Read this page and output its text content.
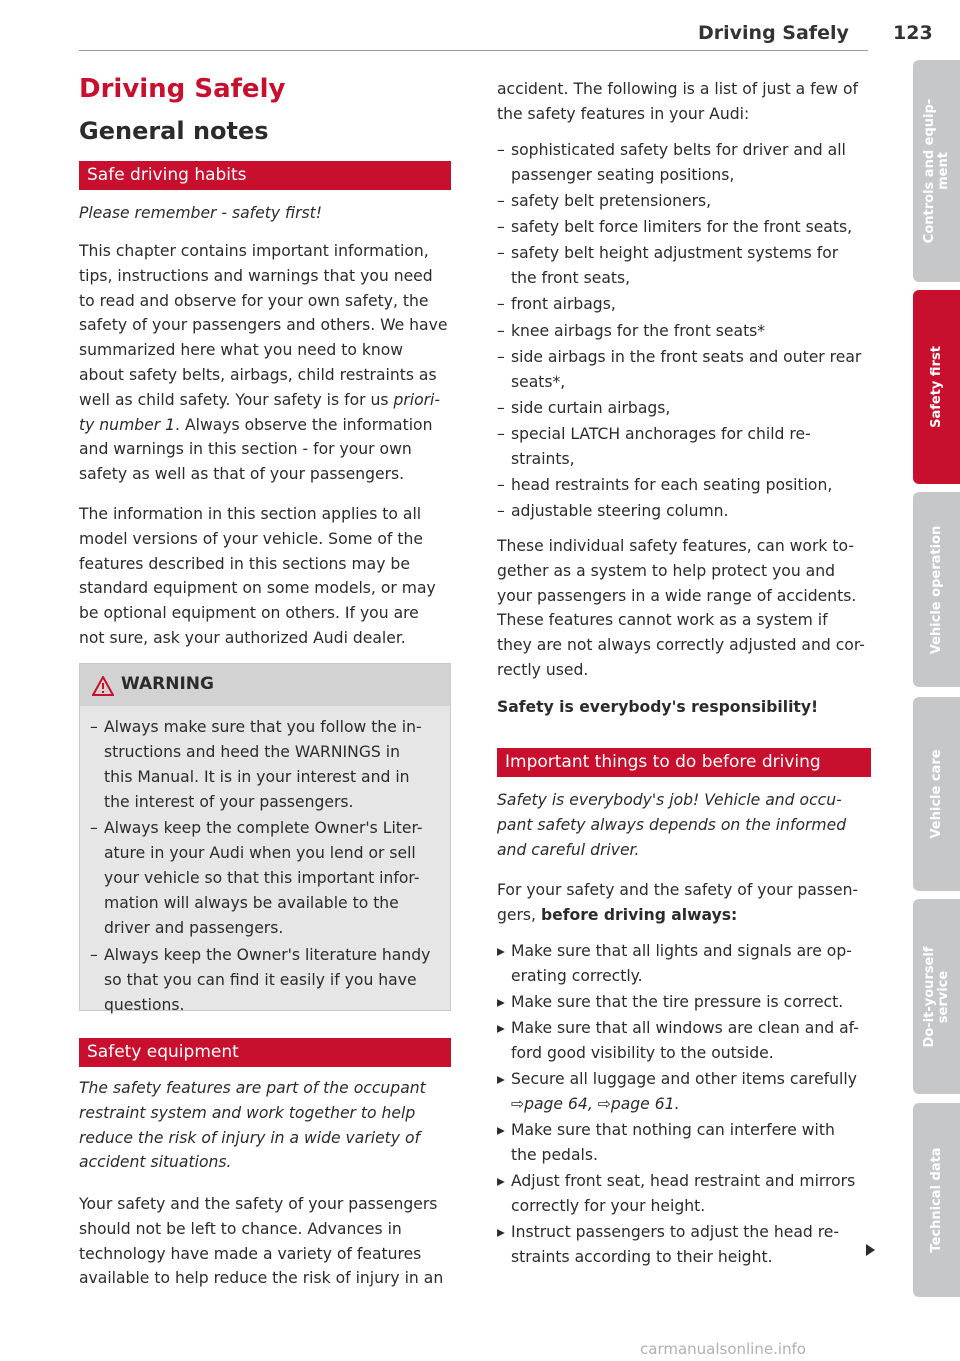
Driving Safely 123
Driving Safely
General notes
Safe driving habits

Please remember - safety first!

This chapter contains important information,
tips, instructions and warnings that you need
to read and observe for your own safety, the
safety of your passengers and others. We have
summarized here what you need to know
about safety belts, airbags, child restraints as
well as child safety. Your safety is for us priori-
ty number 1. Always observe the information
and warnings in this section - for your own
safety as well as that of your passengers.

The information in this section applies to all
model versions of your vehicle. Some of the
features described in this sections may be
standard equipment on some models, or may
be optional equipment on others. If you are
not sure, ask your authorized Audi dealer.

WARNING
– Always make sure that you follow the in-
structions and heed the WARNINGS in
this Manual. It is in your interest and in
the interest of your passengers.
– Always keep the complete Owner's Liter-
ature in your Audi when you lend or sell
your vehicle so that this important infor-
mation will always be available to the
driver and passengers.
– Always keep the Owner's literature handy
so that you can find it easily if you have
questions.
Safety equipment

The safety features are part of the occupant
restraint system and work together to help
reduce the risk of injury in a wide variety of
accident situations.

Your safety and the safety of your passengers
should not be left to chance. Advances in
technology have made a variety of features
available to help reduce the risk of injury in an

accident. The following is a list of just a few of
the safety features in your Audi:

– sophisticated safety belts for driver and all
passenger seating positions,
– safety belt pretensioners,
– safety belt force limiters for the front seats,
– safety belt height adjustment systems for
the front seats,
– front airbags,
– knee airbags for the front seats*
– side airbags in the front seats and outer rear
seats*,
– side curtain airbags,
– special LATCH anchorages for child re-
straints,
– head restraints for each seating position,
– adjustable steering column.

These individual safety features, can work to-
gether as a system to help protect you and
your passengers in a wide range of accidents.
These features cannot work as a system if
they are not always correctly adjusted and cor-
rectly used.

Safety is everybody's responsibility!

Important things to do before driving

Safety is everybody's job! Vehicle and occu-
pant safety always depends on the informed
and careful driver.

For your safety and the safety of your passen-
gers, before driving always:

▸ Make sure that all lights and signals are op-
erating correctly.
▸ Make sure that the tire pressure is correct.
▸ Make sure that all windows are clean and af-
ford good visibility to the outside.
▸ Secure all luggage and other items carefully
⇨page 64, ⇨page 61.
▸ Make sure that nothing can interfere with
the pedals.
▸ Adjust front seat, head restraint and mirrors
correctly for your height.
▸ Instruct passengers to adjust the head re-
straints according to their height.
Controls and equip-
ment
Safety first
Vehicle operation
Vehicle care
Do-it-yourself
service
Technical data
carmanualsonline.info
